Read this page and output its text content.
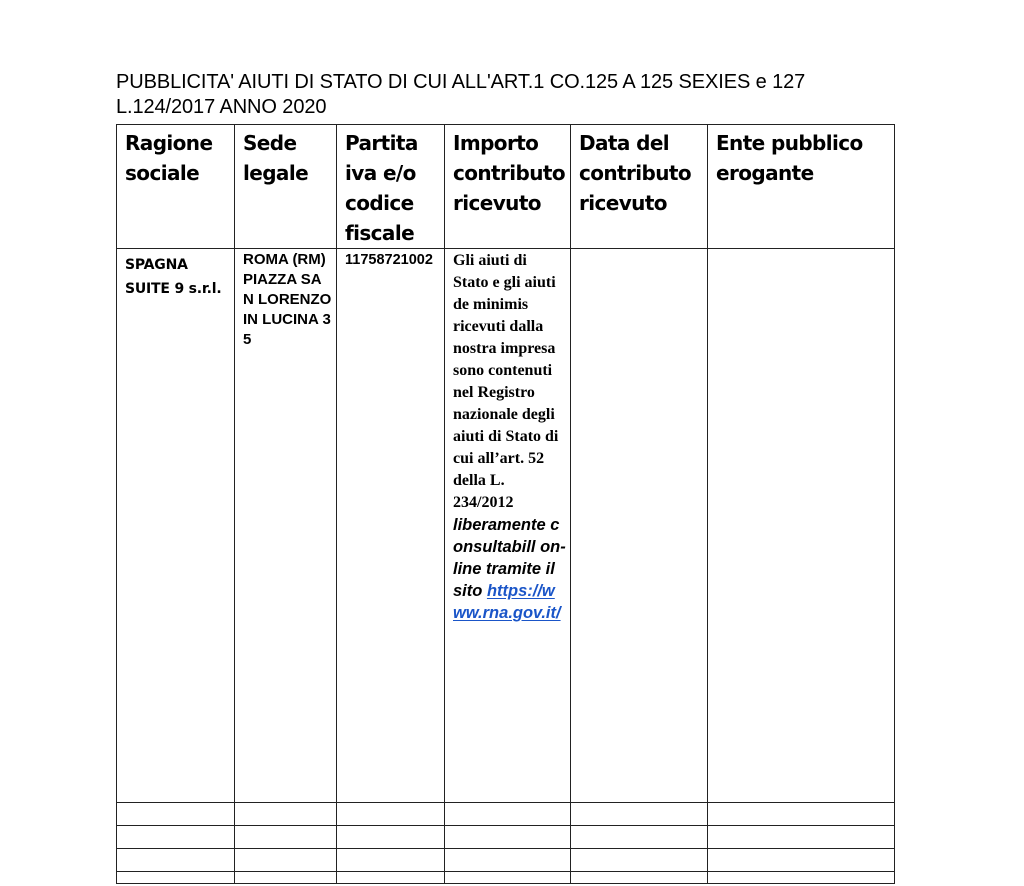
PUBBLICITA' AIUTI DI STATO DI CUI ALL'ART.1 CO.125 A 125 SEXIES e 127
L.124/2017 ANNO 2020
Ragione sociale	Sede legale	Partita iva e/o codice fiscale	Importo contributo ricevuto	Data del contributo ricevuto	Ente pubblico erogante
SPAGNA SUITE 9 s.r.l.	ROMA (RM) PIAZZA SAN LORENZO IN LUCINA 35	11758721002	Gli aiuti di Stato e gli aiuti de minimis ricevuti dalla nostra impresa sono contenuti nel Registro nazionale degli aiuti di Stato di cui all’art. 52 della L. 234/2012
liberamente consultabill on-line tramite il sito https://www.rna.gov.it/		
